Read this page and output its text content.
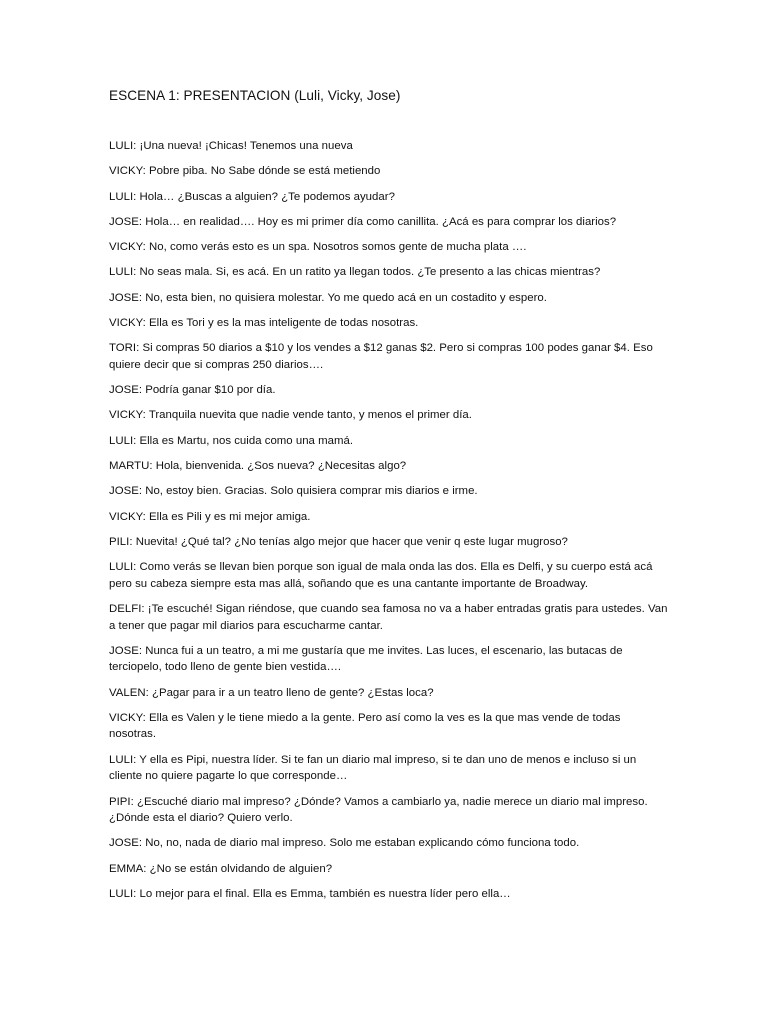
ESCENA 1: PRESENTACION (Luli, Vicky, Jose)

LULI: ¡Una nueva! ¡Chicas! Tenemos una nueva

VICKY: Pobre piba. No Sabe dónde se está metiendo

LULI: Hola… ¿Buscas a alguien? ¿Te podemos ayudar?

JOSE: Hola… en realidad…. Hoy es mi primer día como canillita. ¿Acá es para comprar los diarios?

VICKY: No, como verás esto es un spa. Nosotros somos gente de mucha plata ….

LULI: No seas mala. Si, es acá. En un ratito ya llegan todos. ¿Te presento a las chicas mientras?

JOSE: No, esta bien, no quisiera molestar. Yo me quedo acá en un costadito y espero.

VICKY: Ella es Tori y es la mas inteligente de todas nosotras.

TORI: Si compras 50 diarios a $10 y los vendes a $12 ganas $2. Pero si compras 100 podes ganar $4. Eso quiere decir que si compras 250 diarios….

JOSE: Podría ganar $10 por día.

VICKY: Tranquila nuevita que nadie vende tanto, y menos el primer día.

LULI: Ella es Martu, nos cuida como una mamá.

MARTU: Hola, bienvenida. ¿Sos nueva? ¿Necesitas algo?

JOSE: No, estoy bien. Gracias. Solo quisiera comprar mis diarios e irme.

VICKY: Ella es Pili y es mi mejor amiga.

PILI: Nuevita! ¿Qué tal? ¿No tenías algo mejor que hacer que venir q este lugar mugroso?

LULI: Como verás se llevan bien porque son igual de mala onda las dos. Ella es Delfi, y su cuerpo está acá pero su cabeza siempre esta mas allá, soñando que es una cantante importante de Broadway.

DELFI: ¡Te escuché! Sigan riéndose, que cuando sea famosa no va a haber entradas gratis para ustedes. Van a tener que pagar mil diarios para escucharme cantar.

JOSE: Nunca fui a un teatro, a mi me gustaría que me invites. Las luces, el escenario, las butacas de terciopelo, todo lleno de gente bien vestida….

VALEN: ¿Pagar para ir a un teatro lleno de gente? ¿Estas loca?

VICKY: Ella es Valen y le tiene miedo a la gente. Pero así como la ves es la que mas vende de todas nosotras.

LULI: Y ella es Pipi, nuestra líder. Si te fan un diario mal impreso, si te dan uno de menos e incluso si un cliente no quiere pagarte lo que corresponde…

PIPI: ¿Escuché diario mal impreso? ¿Dónde? Vamos a cambiarlo ya, nadie merece un diario mal impreso. ¿Dónde esta el diario? Quiero verlo.

JOSE: No, no, nada de diario mal impreso. Solo me estaban explicando cómo funciona todo.

EMMA: ¿No se están olvidando de alguien?

LULI: Lo mejor para el final. Ella es Emma, también es nuestra líder pero ella…
